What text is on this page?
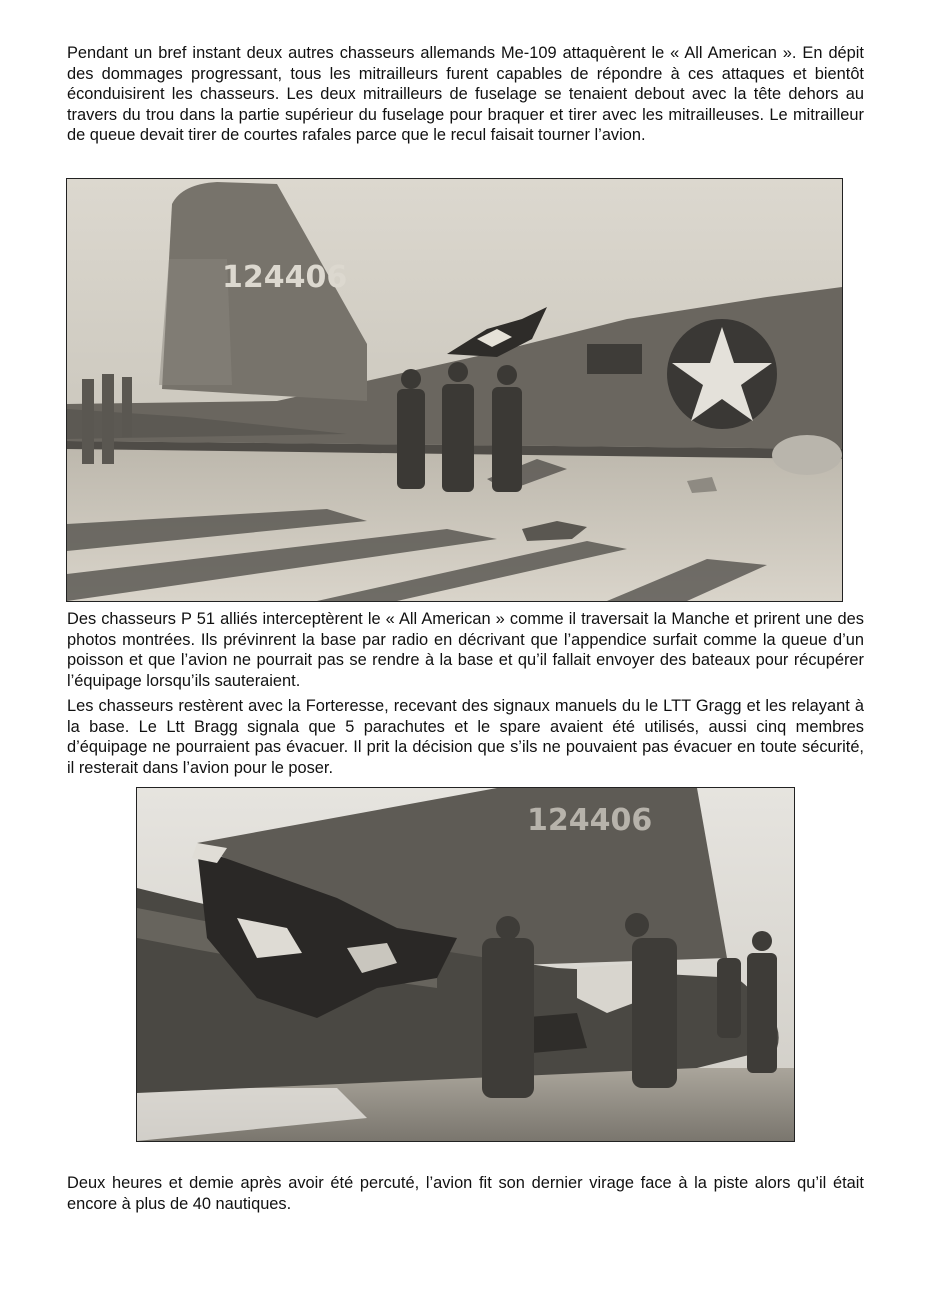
Pendant un bref instant deux autres chasseurs allemands Me-109 attaquèrent le « All American ». En dépit des dommages progressant, tous les mitrailleurs furent capables de répondre à ces attaques et bientôt éconduisirent les chasseurs. Les deux mitrailleurs de fuselage se tenaient debout avec la tête dehors au travers du trou dans la partie supérieur du fuselage pour braquer et tirer avec les mitrailleuses. Le mitrailleur de queue devait tirer de courtes rafales parce que le recul faisait tourner l’avion.

124406

Des chasseurs P 51 alliés interceptèrent le « All American » comme il traversait la Manche et prirent une des photos montrées. Ils prévinrent la base par radio en décrivant que l’appendice surfait comme la queue d’un poisson et que l’avion ne pourrait pas se rendre à la base et qu’il fallait envoyer des bateaux pour récupérer l’équipage lorsqu’ils sauteraient.

Les chasseurs restèrent avec la Forteresse, recevant des signaux manuels du le LTT Gragg et les relayant à la base. Le Ltt Bragg signala que 5 parachutes et le spare avaient été utilisés, aussi cinq membres d’équipage ne pourraient pas évacuer. Il prit la décision que s’ils ne pouvaient pas évacuer en toute sécurité, il resterait dans l’avion pour le poser.

124406

Deux heures et demie après avoir été percuté, l’avion fit son dernier virage face à la piste alors qu’il était encore à plus de 40 nautiques.
